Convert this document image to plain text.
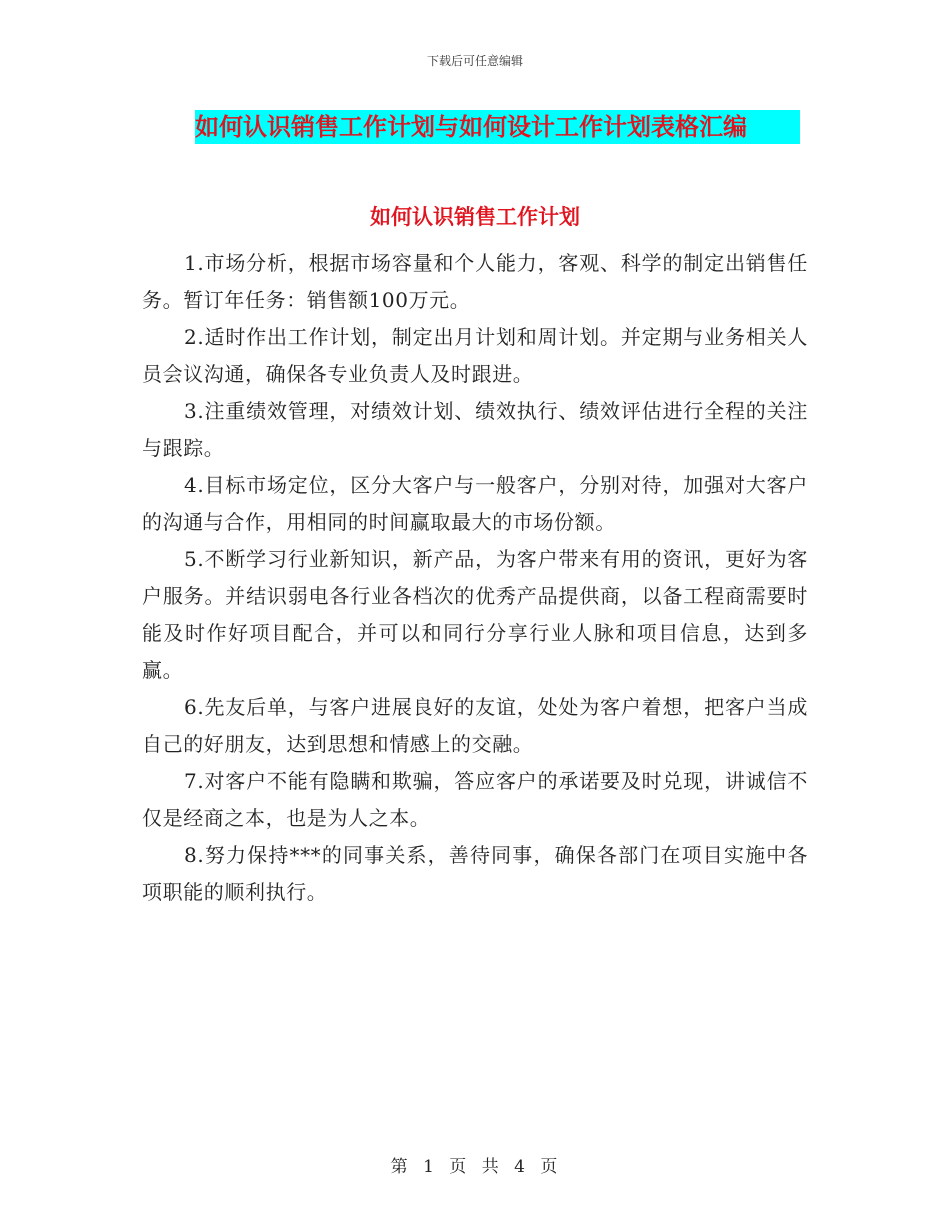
下载后可任意编辑
如何认识销售工作计划与如何设计工作计划表格汇编
如何认识销售工作计划

1.市场分析，根据市场容量和个人能力，客观、科学的制定出销售任务。暂订年任务：销售额100万元。

2.适时作出工作计划，制定出月计划和周计划。并定期与业务相关人员会议沟通，确保各专业负责人及时跟进。

3.注重绩效管理，对绩效计划、绩效执行、绩效评估进行全程的关注与跟踪。

4.目标市场定位，区分大客户与一般客户，分别对待，加强对大客户的沟通与合作，用相同的时间赢取最大的市场份额。

5.不断学习行业新知识，新产品，为客户带来有用的资讯，更好为客户服务。并结识弱电各行业各档次的优秀产品提供商，以备工程商需要时能及时作好项目配合，并可以和同行分享行业人脉和项目信息，达到多赢。

6.先友后单，与客户进展良好的友谊，处处为客户着想，把客户当成自己的好朋友，达到思想和情感上的交融。

7.对客户不能有隐瞒和欺骗，答应客户的承诺要及时兑现，讲诚信不仅是经商之本，也是为人之本。

8.努力保持***的同事关系，善待同事，确保各部门在项目实施中各项职能的顺利执行。

第 1 页 共 4 页
